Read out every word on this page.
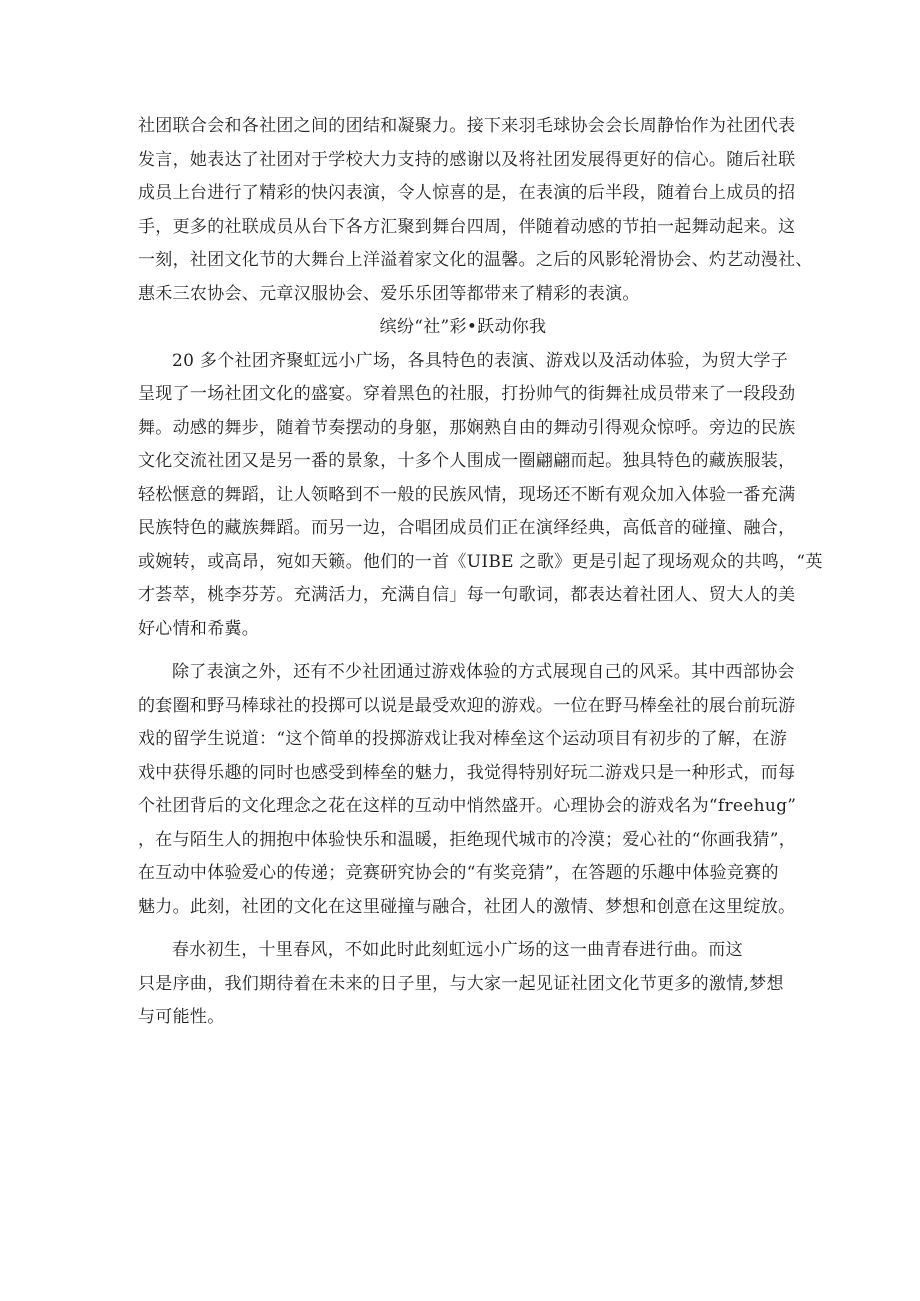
社团联合会和各社团之间的团结和凝聚力。接下来羽毛球协会会长周静怡作为社团代表
发言，她表达了社团对于学校大力支持的感谢以及将社团发展得更好的信心。随后社联
成员上台进行了精彩的快闪表演，令人惊喜的是，在表演的后半段，随着台上成员的招
手，更多的社联成员从台下各方汇聚到舞台四周，伴随着动感的节拍一起舞动起来。这
一刻，社团文化节的大舞台上洋溢着家文化的温馨。之后的风影轮滑协会、灼艺动漫社、
惠禾三农协会、元章汉服协会、爱乐乐团等都带来了精彩的表演。
缤纷“社”彩•跃动你我
20 多个社团齐聚虹远小广场，各具特色的表演、游戏以及活动体验，为贸大学子
呈现了一场社团文化的盛宴。穿着黑色的社服，打扮帅气的街舞社成员带来了一段段劲
舞。动感的舞步，随着节奏摆动的身躯，那娴熟自由的舞动引得观众惊呼。旁边的民族
文化交流社团又是另一番的景象，十多个人围成一圈翩翩而起。独具特色的藏族服装，
轻松惬意的舞蹈，让人领略到不一般的民族风情，现场还不断有观众加入体验一番充满
民族特色的藏族舞蹈。而另一边，合唱团成员们正在演绎经典，高低音的碰撞、融合，
或婉转，或高昂，宛如天籁。他们的一首《UIBE 之歌》更是引起了现场观众的共鸣，“英
才荟萃，桃李芬芳。充满活力，充满自信」每一句歌词，都表达着社团人、贸大人的美
好心情和希冀。
除了表演之外，还有不少社团通过游戏体验的方式展现自己的风采。其中西部协会
的套圈和野马棒球社的投掷可以说是最受欢迎的游戏。一位在野马棒垒社的展台前玩游
戏的留学生说道：“这个简单的投掷游戏让我对棒垒这个运动项目有初步的了解，在游
戏中获得乐趣的同时也感受到棒垒的魅力，我觉得特别好玩二游戏只是一种形式，而每
个社团背后的文化理念之花在这样的互动中悄然盛开。心理协会的游戏名为“freehug”
，在与陌生人的拥抱中体验快乐和温暖，拒绝现代城市的冷漠；爱心社的“你画我猜”，
在互动中体验爱心的传递；竞赛研究协会的“有奖竞猜”，在答题的乐趣中体验竞赛的
魅力。此刻，社团的文化在这里碰撞与融合，社团人的激情、梦想和创意在这里绽放。
春水初生，十里春风，不如此时此刻虹远小广场的这一曲青春进行曲。而这
只是序曲，我们期待着在未来的日子里，与大家一起见证社团文化节更多的激情,梦想
与可能性。
